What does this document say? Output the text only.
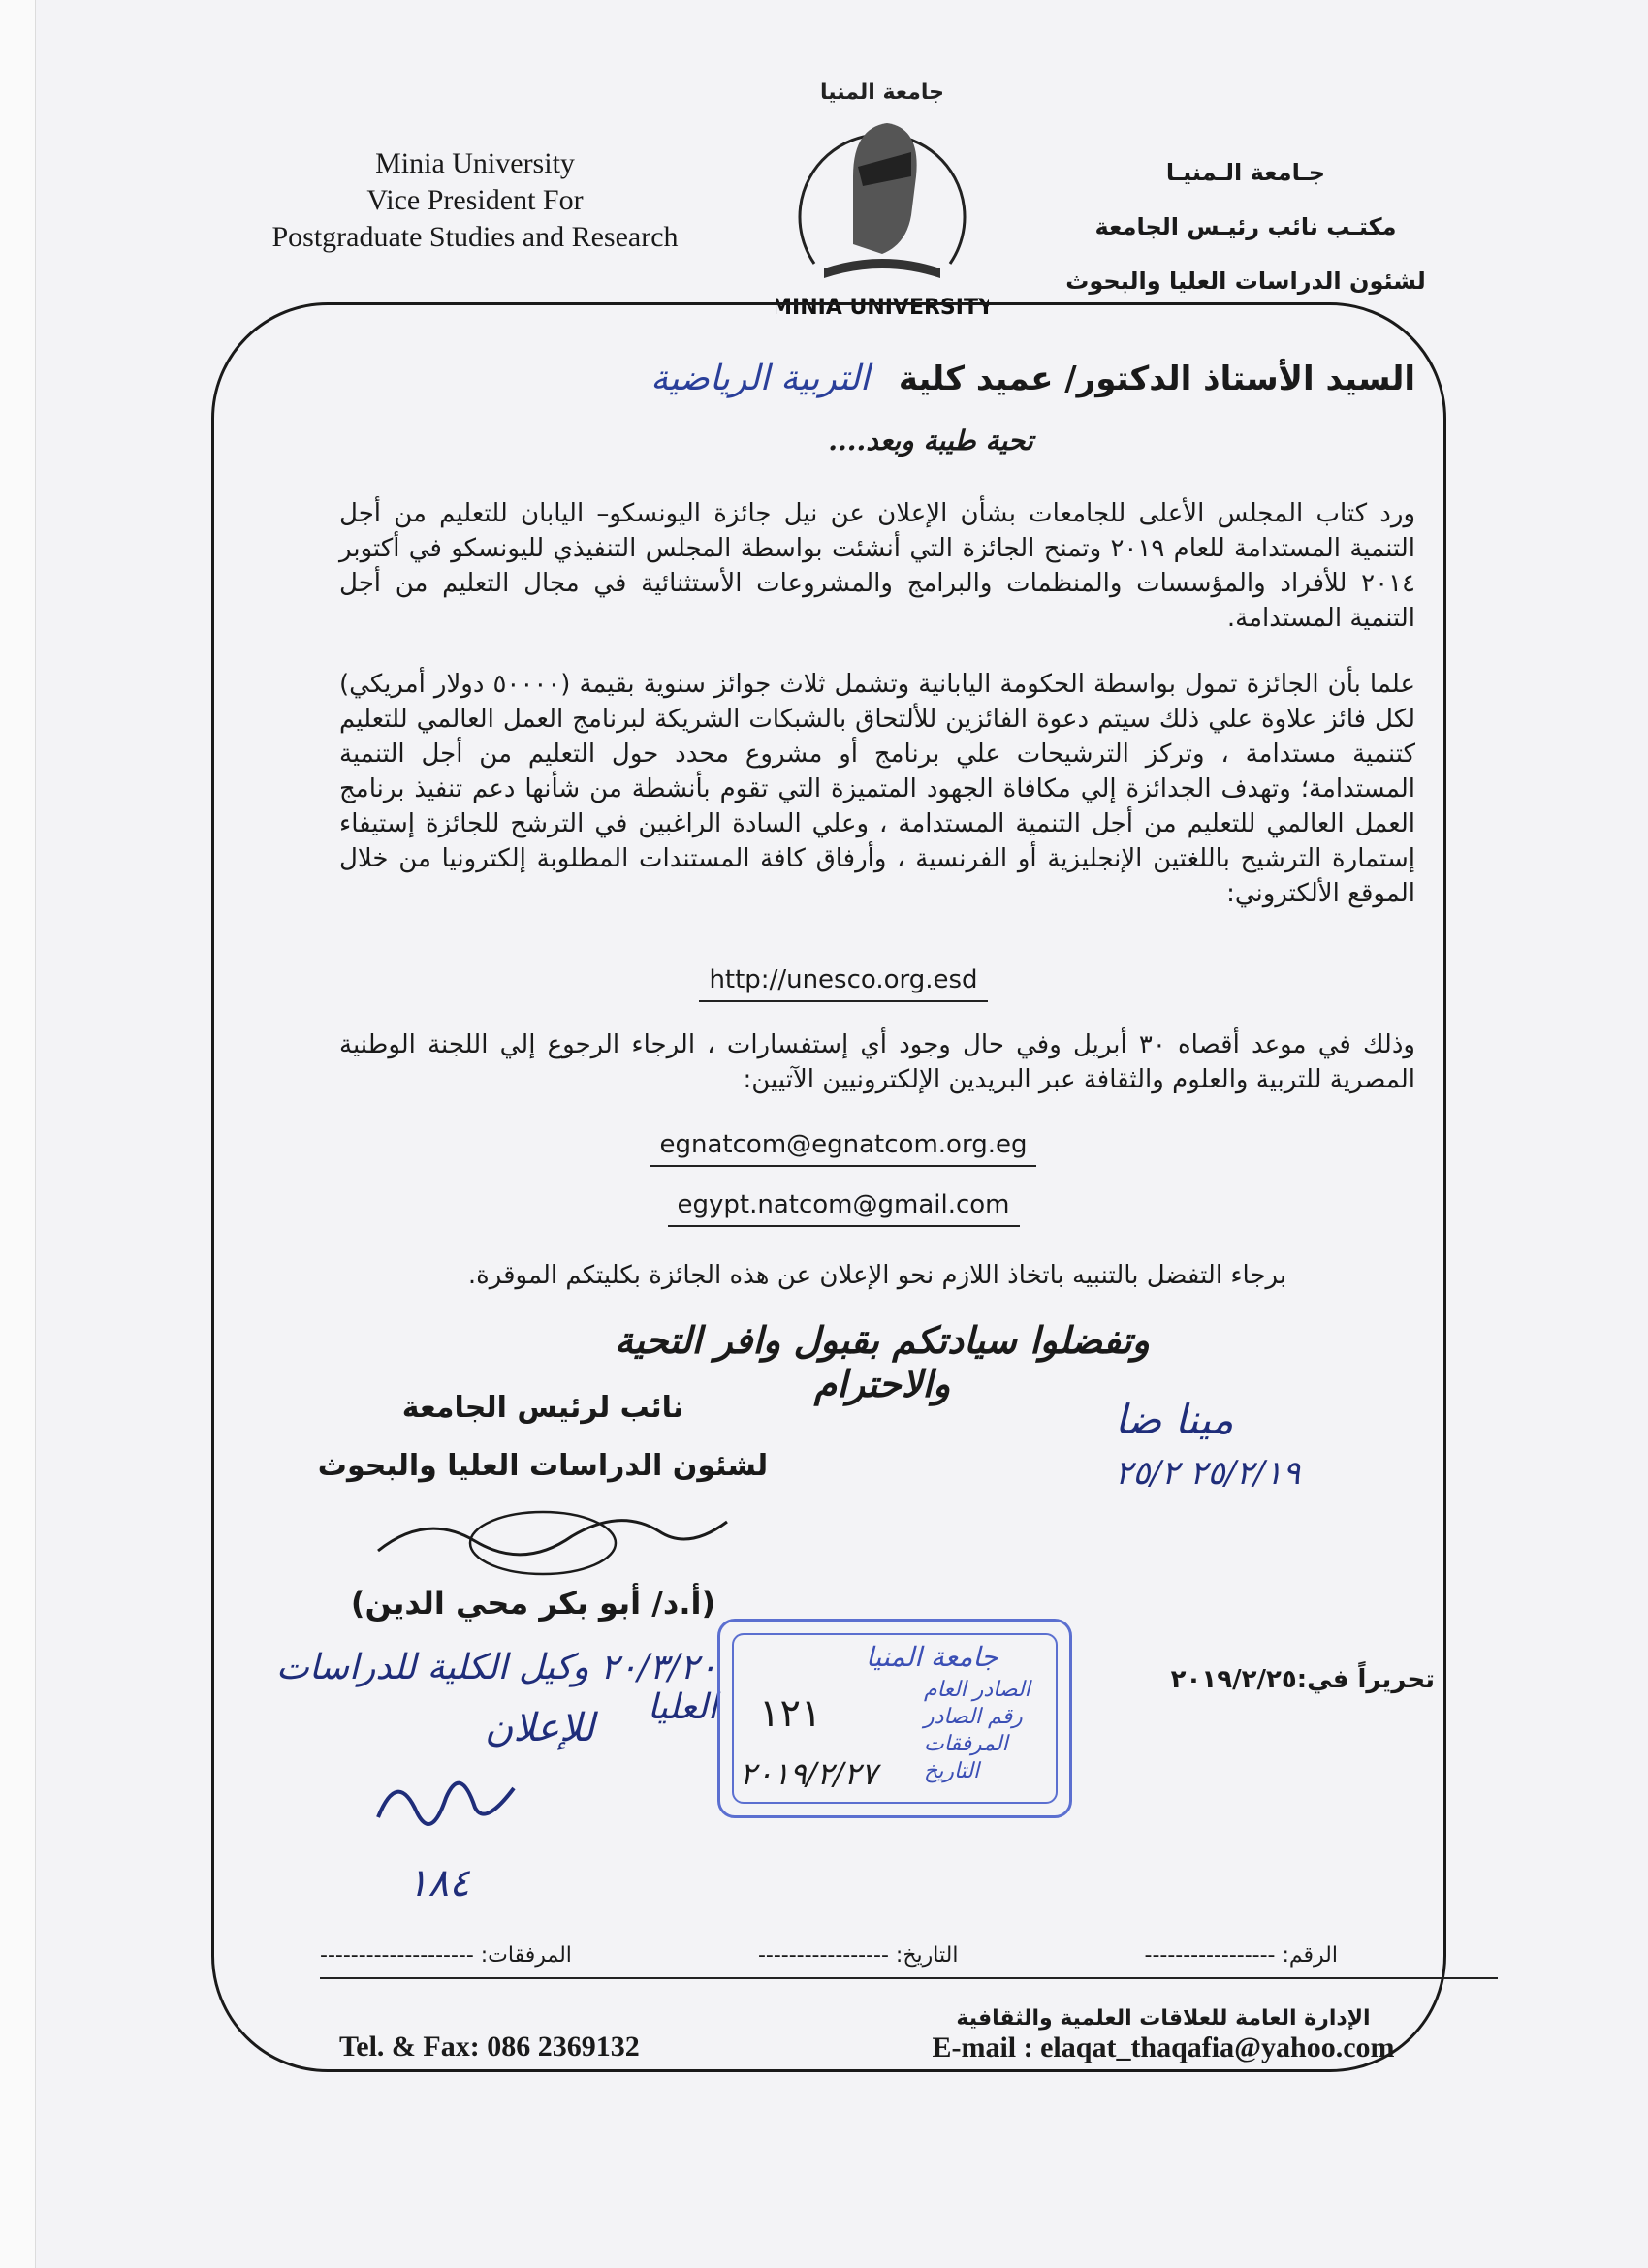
Minia University
Vice President For
Postgraduate Studies and Research
جامعة المنيا
MINIA UNIVERSITY
جـامعة الـمنيـا
مكتـب نائب رئيـس الجامعة
لشئون الدراسات العليا والبحوث
السيد الأستاذ الدكتور/ عميد كلية التربية الرياضية
تحية طيبة وبعد....
ورد كتاب المجلس الأعلى للجامعات بشأن الإعلان عن نيل جائزة اليونسكو– اليابان للتعليم من أجل التنمية المستدامة للعام ٢٠١٩ وتمنح الجائزة التي أنشئت بواسطة المجلس التنفيذي لليونسكو في أكتوبر ٢٠١٤ للأفراد والمؤسسات والمنظمات والبرامج والمشروعات الأستثنائية في مجال التعليم من أجل التنمية المستدامة.
علما بأن الجائزة تمول بواسطة الحكومة اليابانية وتشمل ثلاث جوائز سنوية بقيمة (٥٠٠٠٠ دولار أمريكي) لكل فائز علاوة علي ذلك سيتم دعوة الفائزين للألتحاق بالشبكات الشريكة لبرنامج العمل العالمي للتعليم كتنمية مستدامة ، وتركز الترشيحات علي برنامج أو مشروع محدد حول التعليم من أجل التنمية المستدامة؛ وتهدف الجدائزة إلي مكافاة الجهود المتميزة التي تقوم بأنشطة من شأنها دعم تنفيذ برنامج العمل العالمي للتعليم من أجل التنمية المستدامة ، وعلي السادة الراغبين في الترشح للجائزة إستيفاء إستمارة الترشيح باللغتين الإنجليزية أو الفرنسية ، وأرفاق كافة المستندات المطلوبة إلكترونيا من خلال الموقع الألكتروني:
http://unesco.org.esd
وذلك في موعد أقصاه ٣٠ أبريل وفي حال وجود أي إستفسارات ، الرجاء الرجوع إلي اللجنة الوطنية المصرية للتربية والعلوم والثقافة عبر البريدين الإلكترونيين الآتيين:
egnatcom@egnatcom.org.eg
egypt.natcom@gmail.com
برجاء التفضل بالتنبيه باتخاذ اللازم نحو الإعلان عن هذه الجائزة بكليتكم الموقرة.
وتفضلوا سيادتكم بقبول وافر التحية والاحترام
نائب لرئيس الجامعة
لشئون الدراسات العليا والبحوث
(أ.د/ أبو بكر محي الدين)
تحريراً في:٢٠١٩/٢/٢٥
مينا ضا
٢٥/٢/١٩ ٢٥/٢
٢٠/٣/٢٠ وكيل الكلية للدراسات العليا
للإعلان
١٨٤
جامعة المنيا
الصادر العام
رقم الصادر
المرفقات
التاريخ
١٢١
٢٠١٩/٢/٢٧
الرقم: -----------------
التاريخ: -----------------
المرفقات: --------------------
Tel. & Fax: 086 2369132
الإدارة العامة للعلاقات العلمية والثقافية
E-mail : elaqat_thaqafia@yahoo.com
